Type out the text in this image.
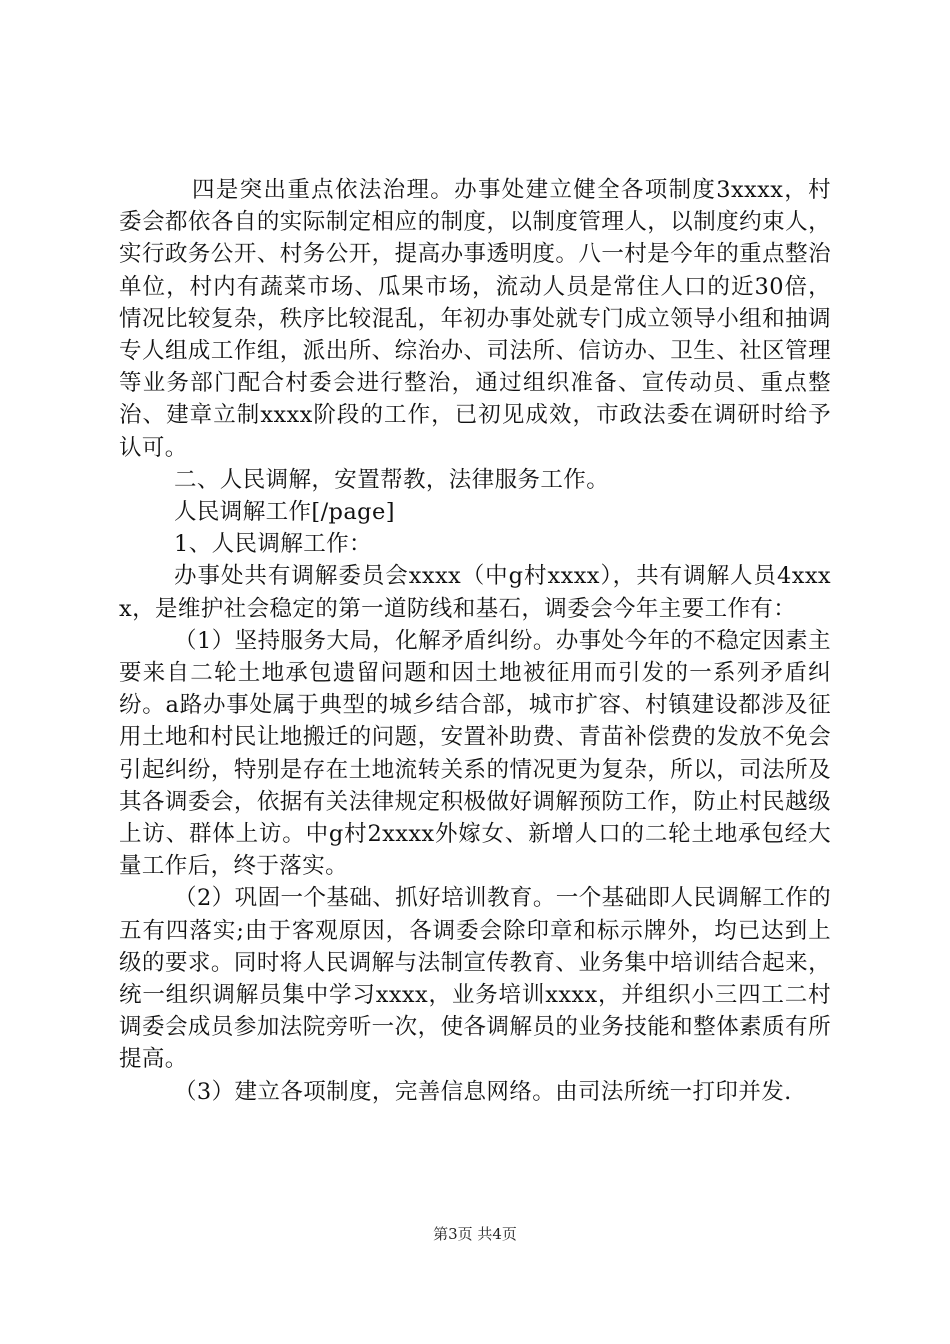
四是突出重点依法治理。办事处建立健全各项制度3xxxx，村委会都依各自的实际制定相应的制度，以制度管理人，以制度约束人，实行政务公开、村务公开，提高办事透明度。八一村是今年的重点整治单位，村内有蔬菜市场、瓜果市场，流动人员是常住人口的近30倍，情况比较复杂，秩序比较混乱，年初办事处就专门成立领导小组和抽调专人组成工作组，派出所、综治办、司法所、信访办、卫生、社区管理等业务部门配合村委会进行整治，通过组织准备、宣传动员、重点整治、建章立制xxxx阶段的工作，已初见成效，市政法委在调研时给予认可。

二、人民调解，安置帮教，法律服务工作。

人民调解工作[/page]

1、人民调解工作：

办事处共有调解委员会xxxx（中g村xxxx），共有调解人员4xxxx，是维护社会稳定的第一道防线和基石，调委会今年主要工作有：

（1）坚持服务大局，化解矛盾纠纷。办事处今年的不稳定因素主要来自二轮土地承包遗留问题和因土地被征用而引发的一系列矛盾纠纷。a路办事处属于典型的城乡结合部，城市扩容、村镇建设都涉及征用土地和村民让地搬迁的问题，安置补助费、青苗补偿费的发放不免会引起纠纷，特别是存在土地流转关系的情况更为复杂，所以，司法所及其各调委会，依据有关法律规定积极做好调解预防工作，防止村民越级上访、群体上访。中g村2xxxx外嫁女、新增人口的二轮土地承包经大量工作后，终于落实。

（2）巩固一个基础、抓好培训教育。一个基础即人民调解工作的五有四落实;由于客观原因，各调委会除印章和标示牌外，均已达到上级的要求。同时将人民调解与法制宣传教育、业务集中培训结合起来，统一组织调解员集中学习xxxx，业务培训xxxx，并组织小三四工二村调委会成员参加法院旁听一次，使各调解员的业务技能和整体素质有所提高。

（3）建立各项制度，完善信息网络。由司法所统一打印并发.

第3页 共4页
